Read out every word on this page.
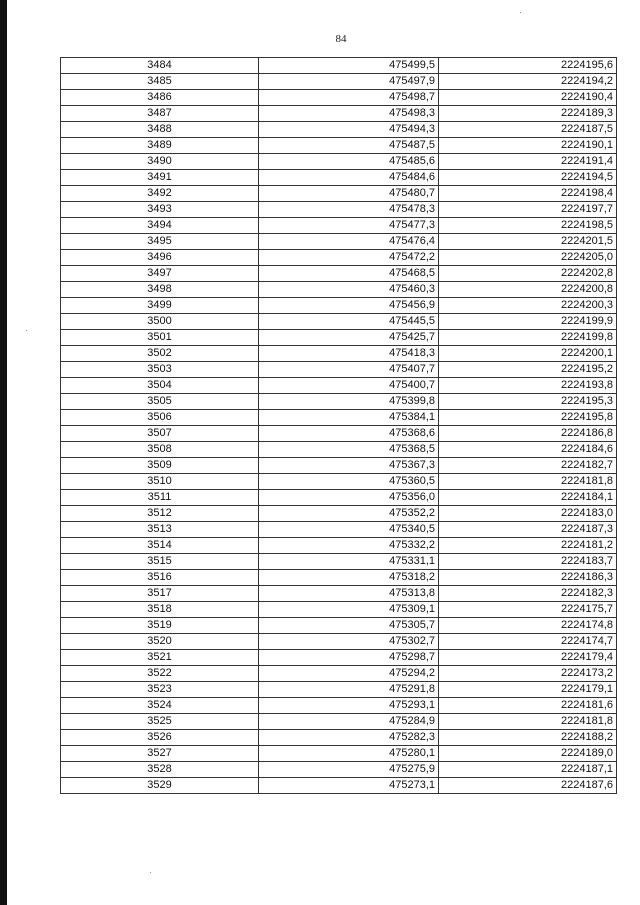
84
3484	475499,5	2224195,6
3485	475497,9	2224194,2
3486	475498,7	2224190,4
3487	475498,3	2224189,3
3488	475494,3	2224187,5
3489	475487,5	2224190,1
3490	475485,6	2224191,4
3491	475484,6	2224194,5
3492	475480,7	2224198,4
3493	475478,3	2224197,7
3494	475477,3	2224198,5
3495	475476,4	2224201,5
3496	475472,2	2224205,0
3497	475468,5	2224202,8
3498	475460,3	2224200,8
3499	475456,9	2224200,3
3500	475445,5	2224199,9
3501	475425,7	2224199,8
3502	475418,3	2224200,1
3503	475407,7	2224195,2
3504	475400,7	2224193,8
3505	475399,8	2224195,3
3506	475384,1	2224195,8
3507	475368,6	2224186,8
3508	475368,5	2224184,6
3509	475367,3	2224182,7
3510	475360,5	2224181,8
3511	475356,0	2224184,1
3512	475352,2	2224183,0
3513	475340,5	2224187,3
3514	475332,2	2224181,2
3515	475331,1	2224183,7
3516	475318,2	2224186,3
3517	475313,8	2224182,3
3518	475309,1	2224175,7
3519	475305,7	2224174,8
3520	475302,7	2224174,7
3521	475298,7	2224179,4
3522	475294,2	2224173,2
3523	475291,8	2224179,1
3524	475293,1	2224181,6
3525	475284,9	2224181,8
3526	475282,3	2224188,2
3527	475280,1	2224189,0
3528	475275,9	2224187,1
3529	475273,1	2224187,6
